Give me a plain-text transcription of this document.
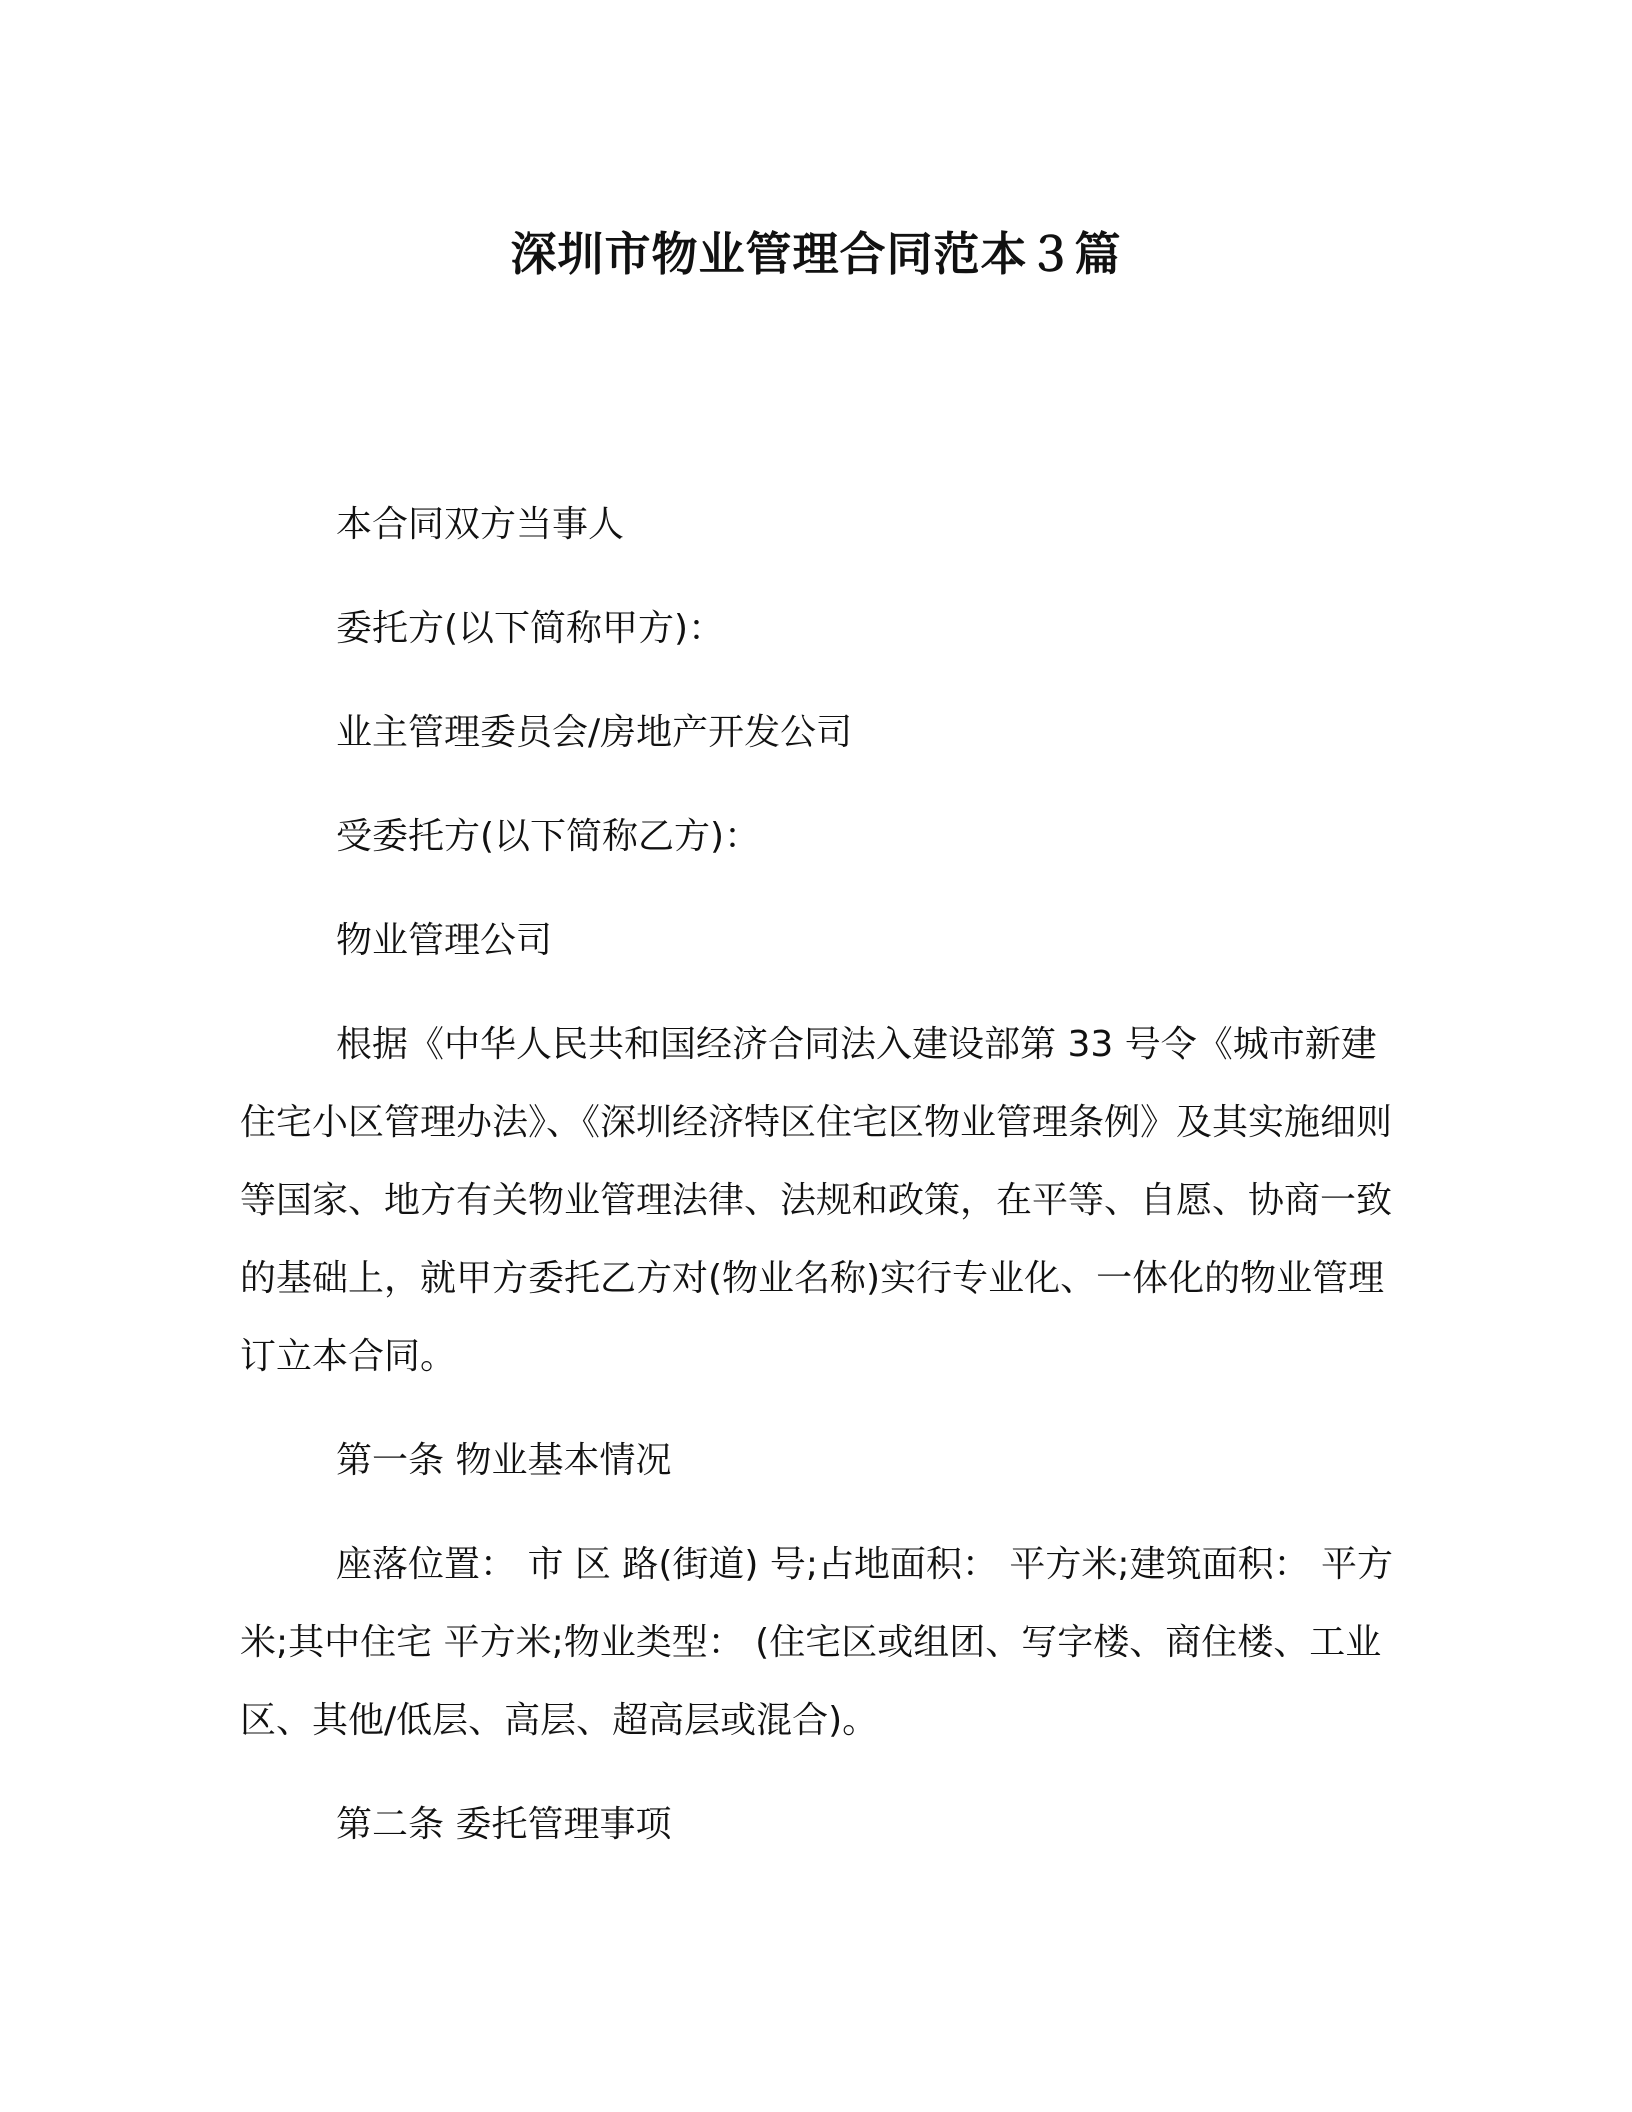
深圳市物业管理合同范本３篇

本合同双方当事人

委托方(以下简称甲方)：

业主管理委员会/房地产开发公司

受委托方(以下简称乙方)：

物业管理公司

根据《中华人民共和国经济合同法入建设部第 33 号令《城市新建住宅小区管理办法》、《深圳经济特区住宅区物业管理条例》及其实施细则等国家、地方有关物业管理法律、法规和政策，在平等、自愿、协商一致的基础上，就甲方委托乙方对(物业名称)实行专业化、一体化的物业管理订立本合同。

第一条 物业基本情况

座落位置： 市 区 路(街道) 号;占地面积： 平方米;建筑面积： 平方米;其中住宅 平方米;物业类型： (住宅区或组团、写字楼、商住楼、工业区、其他/低层、高层、超高层或混合)。

第二条 委托管理事项
